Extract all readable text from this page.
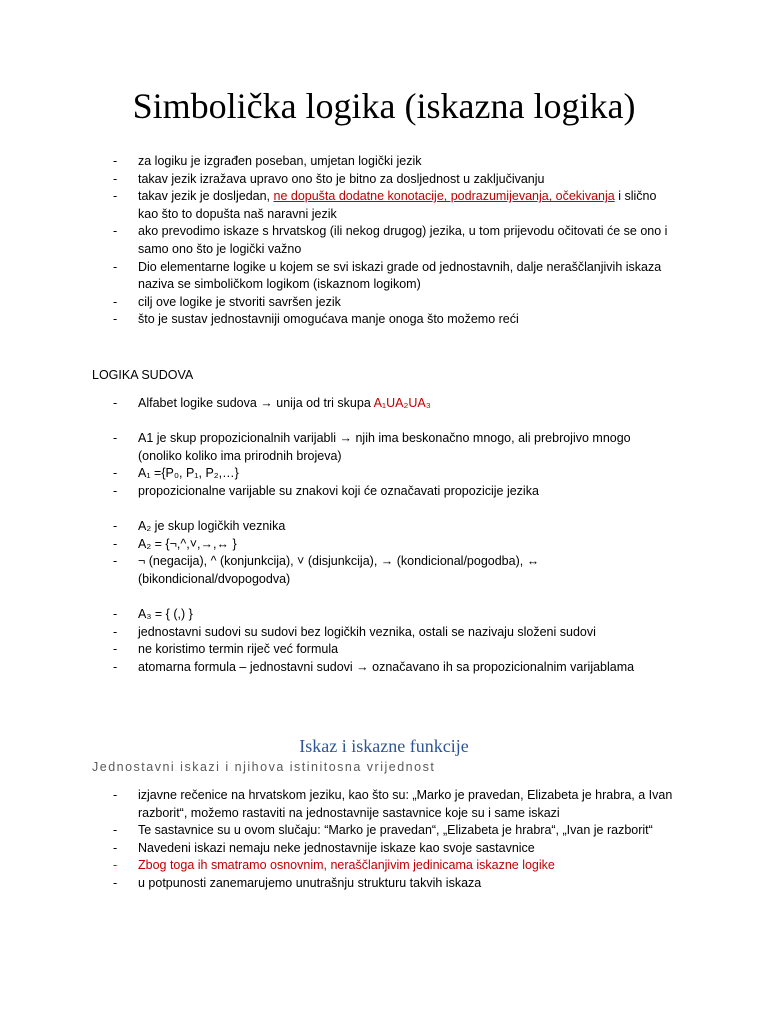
Simbolička logika (iskazna logika)
- za logiku je izgrađen poseban, umjetan logički jezik
- takav jezik izražava upravo ono što je bitno za dosljednost u zaključivanju
- takav jezik je dosljedan, ne dopušta dodatne konotacije, podrazumijevanja, očekivanja i slično kao što to dopušta naš naravni jezik
- ako prevodimo iskaze s hrvatskog (ili nekog drugog) jezika, u tom prijevodu očitovati će se ono i samo ono što je logički važno
- Dio elementarne logike u kojem se svi iskazi grade od jednostavnih, dalje neraščlanjivih iskaza naziva se simboličkom logikom (iskaznom logikom)
- cilj ove logike je stvoriti savršen jezik
- što je sustav jednostavniji omogućava manje onoga što možemo reći
LOGIKA SUDOVA
- Alfabet logike sudova → unija od tri skupa A₁UA₂UA₃
- A1 je skup propozicionalnih varijabli → njih ima beskonačno mnogo, ali prebrojivo mnogo (onoliko koliko ima prirodnih brojeva)
- A₁ ={P₀, P₁, P₂,…}
- propozicionalne varijable su znakovi koji će označavati propozicije jezika
- A₂ je skup logičkih veznika
- A₂ = {¬,^,˅,→,↔ }
- ¬ (negacija), ^ (konjunkcija), ˅ (disjunkcija), → (kondicional/pogodba), ↔ (bikondicional/dvopogodva)
- A₃ = { (,) }
- jednostavni sudovi su sudovi bez logičkih veznika, ostali se nazivaju složeni sudovi
- ne koristimo termin riječ već formula
- atomarna formula – jednostavni sudovi → označavano ih sa propozicionalnim varijablama
Iskaz i iskazne funkcije
Jednostavni iskazi i njihova istinitosna vrijednost
- izjavne rečenice na hrvatskom jeziku, kao što su: „Marko je pravedan, Elizabeta je hrabra, a Ivan razborit“, možemo rastaviti na jednostavnije sastavnice koje su i same iskazi
- Te sastavnice su u ovom slučaju: “Marko je pravedan“, „Elizabeta je hrabra“, „Ivan je razborit“
- Navedeni iskazi nemaju neke jednostavnije iskaze kao svoje sastavnice
- Zbog toga ih smatramo osnovnim, neraščlanjivim jedinicama iskazne logike
- u potpunosti zanemarujemo unutrašnju strukturu takvih iskaza
